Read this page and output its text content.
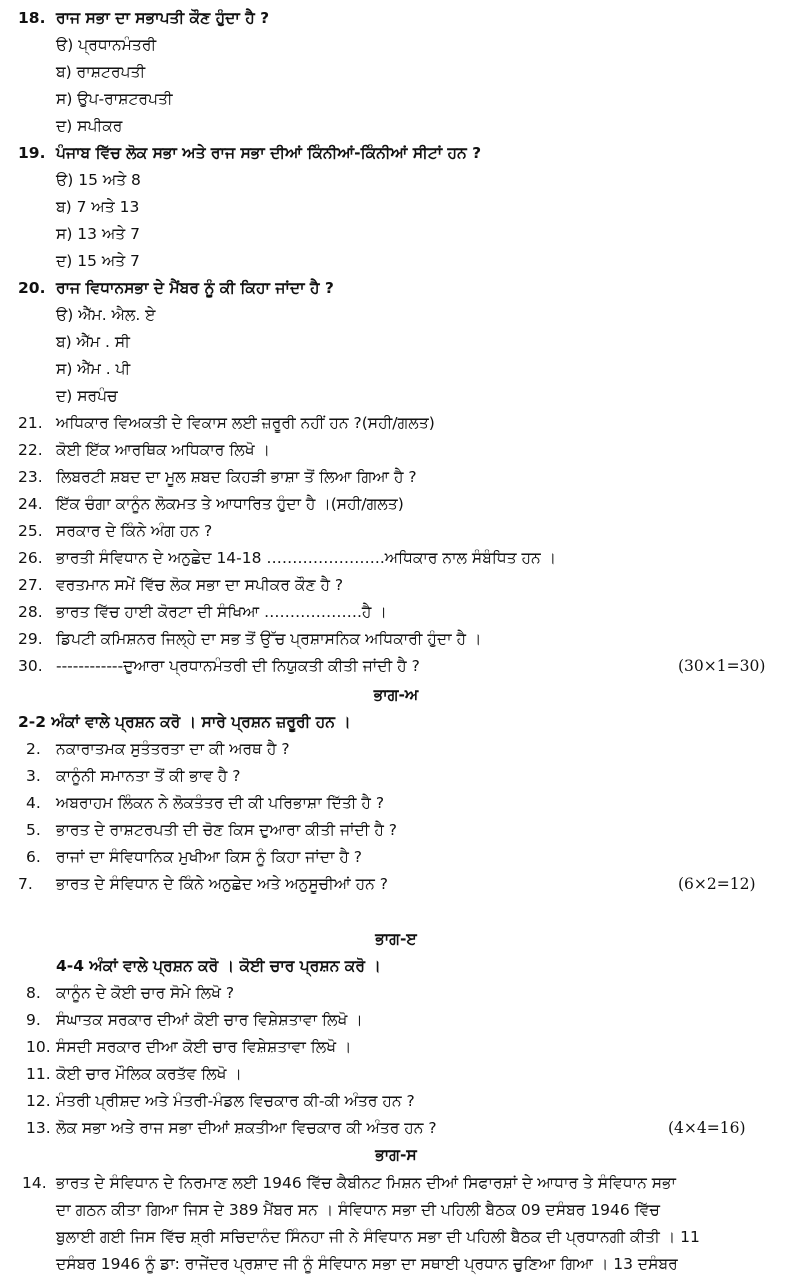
18. ਰਾਜ ਸਭਾ ਦਾ ਸਭਾਪਤੀ ਕੌਣ ਹੁੰਦਾ ਹੈ ?
ੳ) ਪ੍ਰਧਾਨਮੰਤਰੀ
ਬ) ਰਾਸ਼ਟਰਪਤੀ
ਸ) ਉਪ-ਰਾਸ਼ਟਰਪਤੀ
ਦ) ਸਪੀਕਰ
19. ਪੰਜਾਬ ਵਿੱਚ ਲੋਕ ਸਭਾ ਅਤੇ ਰਾਜ ਸਭਾ ਦੀਆਂ ਕਿੰਨੀਆਂ-ਕਿੰਨੀਆਂ ਸੀਟਾਂ ਹਨ ?
ੳ) 15 ਅਤੇ 8
ਬ) 7 ਅਤੇ 13
ਸ) 13 ਅਤੇ 7
ਦ) 15 ਅਤੇ 7
20. ਰਾਜ ਵਿਧਾਨਸਭਾ ਦੇ ਮੈਂਬਰ ਨੂੰ ਕੀ ਕਿਹਾ ਜਾਂਦਾ ਹੈ ?
ੳ) ਐੱਮ. ਐਲ. ਏ
ਬ) ਐੱਮ . ਸੀ
ਸ) ਐੱਮ . ਪੀ
ਦ) ਸਰਪੰਚ
21. ਅਧਿਕਾਰ ਵਿਅਕਤੀ ਦੇ ਵਿਕਾਸ ਲਈ ਜ਼ਰੂਰੀ ਨਹੀਂ ਹਨ ?(ਸਹੀ/ਗਲਤ)
22. ਕੋਈ ਇੱਕ ਆਰਥਿਕ ਅਧਿਕਾਰ ਲਿਖੋ ।
23. ਲਿਬਰਟੀ ਸ਼ਬਦ ਦਾ ਮੂਲ ਸ਼ਬਦ ਕਿਹੜੀ ਭਾਸ਼ਾ ਤੋਂ ਲਿਆ ਗਿਆ ਹੈ ?
24. ਇੱਕ ਚੰਗਾ ਕਾਨੂੰਨ ਲੋਕਮਤ ਤੇ ਆਧਾਰਿਤ ਹੁੰਦਾ ਹੈ ।(ਸਹੀ/ਗਲਤ)
25. ਸਰਕਾਰ ਦੇ ਕਿੰਨੇ ਅੰਗ ਹਨ ?
26. ਭਾਰਤੀ ਸੰਵਿਧਾਨ ਦੇ ਅਨੁਛੇਦ 14-18 …………………..ਅਧਿਕਾਰ ਨਾਲ ਸੰਬੰਧਿਤ ਹਨ ।
27. ਵਰਤਮਾਨ ਸਮੇਂ ਵਿੱਚ ਲੋਕ ਸਭਾ ਦਾ ਸਪੀਕਰ ਕੌਣ ਹੈ ?
28. ਭਾਰਤ ਵਿੱਚ ਹਾਈ ਕੋਰਟਾ ਦੀ ਸੰਖਿਆ ……………….ਹੈ ।
29. ਡਿਪਟੀ ਕਮਿਸ਼ਨਰ ਜਿਲ੍ਹੇ ਦਾ ਸਭ ਤੋਂ ਉੱਚ ਪ੍ਰਸ਼ਾਸਨਿਕ ਅਧਿਕਾਰੀ ਹੁੰਦਾ ਹੈ ।
30. ------------ਦੁਆਰਾ ਪ੍ਰਧਾਨਮੰਤਰੀ ਦੀ ਨਿਯੁਕਤੀ ਕੀਤੀ ਜਾਂਦੀ ਹੈ ?	(30×1=30)
ਭਾਗ-ਅ
2-2 ਅੰਕਾਂ ਵਾਲੇ ਪ੍ਰਸ਼ਨ ਕਰੋ । ਸਾਰੇ ਪ੍ਰਸ਼ਨ ਜ਼ਰੂਰੀ ਹਨ ।
2. ਨਕਾਰਾਤਮਕ ਸੁਤੰਤਰਤਾ ਦਾ ਕੀ ਅਰਥ ਹੈ ?
3. ਕਾਨੂੰਨੀ ਸਮਾਨਤਾ ਤੋਂ ਕੀ ਭਾਵ ਹੈ ?
4. ਅਬਰਾਹਮ ਲਿੰਕਨ ਨੇ ਲੋਕਤੰਤਰ ਦੀ ਕੀ ਪਰਿਭਾਸ਼ਾ ਦਿੱਤੀ ਹੈ ?
5. ਭਾਰਤ ਦੇ ਰਾਸ਼ਟਰਪਤੀ ਦੀ ਚੋਣ ਕਿਸ ਦੁਆਰਾ ਕੀਤੀ ਜਾਂਦੀ ਹੈ ?
6. ਰਾਜਾਂ ਦਾ ਸੰਵਿਧਾਨਿਕ ਮੁਖੀਆ ਕਿਸ ਨੂੰ ਕਿਹਾ ਜਾਂਦਾ ਹੈ ?
7. ਭਾਰਤ ਦੇ ਸੰਵਿਧਾਨ ਦੇ ਕਿੰਨੇ ਅਨੁਛੇਦ ਅਤੇ ਅਨੁਸੂਚੀਆਂ ਹਨ ?	(6×2=12)
ਭਾਗ-ੲ
4-4 ਅੰਕਾਂ ਵਾਲੇ ਪ੍ਰਸ਼ਨ ਕਰੋ । ਕੋਈ ਚਾਰ ਪ੍ਰਸ਼ਨ ਕਰੋ ।
8. ਕਾਨੂੰਨ ਦੇ ਕੋਈ ਚਾਰ ਸੋਮੇ ਲਿਖੋ ?
9. ਸੰਘਾਤਕ ਸਰਕਾਰ ਦੀਆਂ ਕੋਈ ਚਾਰ ਵਿਸ਼ੇਸ਼ਤਾਵਾ ਲਿਖੋ ।
10. ਸੰਸਦੀ ਸਰਕਾਰ ਦੀਆ ਕੋਈ ਚਾਰ ਵਿਸ਼ੇਸ਼ਤਾਵਾ ਲਿਖੋ ।
11. ਕੋਈ ਚਾਰ ਮੌਲਿਕ ਕਰਤੱਵ ਲਿਖੋ ।
12. ਮੰਤਰੀ ਪ੍ਰੀਸ਼ਦ ਅਤੇ ਮੰਤਰੀ-ਮੰਡਲ ਵਿਚਕਾਰ ਕੀ-ਕੀ ਅੰਤਰ ਹਨ ?
13. ਲੋਕ ਸਭਾ ਅਤੇ ਰਾਜ ਸਭਾ ਦੀਆਂ ਸ਼ਕਤੀਆ ਵਿਚਕਾਰ ਕੀ ਅੰਤਰ ਹਨ ?	(4×4=16)
ਭਾਗ-ਸ
14. ਭਾਰਤ ਦੇ ਸੰਵਿਧਾਨ ਦੇ ਨਿਰਮਾਣ ਲਈ 1946 ਵਿੱਚ ਕੈਬੀਨਟ ਮਿਸ਼ਨ ਦੀਆਂ ਸਿਫਾਰਸ਼ਾਂ ਦੇ ਆਧਾਰ ਤੇ ਸੰਵਿਧਾਨ ਸਭਾ
ਦਾ ਗਠਨ ਕੀਤਾ ਗਿਆ ਜਿਸ ਦੇ 389 ਮੈਂਬਰ ਸਨ । ਸੰਵਿਧਾਨ ਸਭਾ ਦੀ ਪਹਿਲੀ ਬੈਠਕ 09 ਦਸੰਬਰ 1946 ਵਿੱਚ
ਬੁਲਾਈ ਗਈ ਜਿਸ ਵਿੱਚ ਸ਼੍ਰੀ ਸਚਿਦਾਨੰਦ ਸਿੰਨਹਾ ਜੀ ਨੇ ਸੰਵਿਧਾਨ ਸਭਾ ਦੀ ਪਹਿਲੀ ਬੈਠਕ ਦੀ ਪ੍ਰਧਾਨਗੀ ਕੀਤੀ । 11
ਦਸੰਬਰ 1946 ਨੂੰ ਡਾ: ਰਾਜੇਂਦਰ ਪ੍ਰਸ਼ਾਦ ਜੀ ਨੂੰ ਸੰਵਿਧਾਨ ਸਭਾ ਦਾ ਸਥਾਈ ਪ੍ਰਧਾਨ ਚੁਣਿਆ ਗਿਆ । 13 ਦਸੰਬਰ
